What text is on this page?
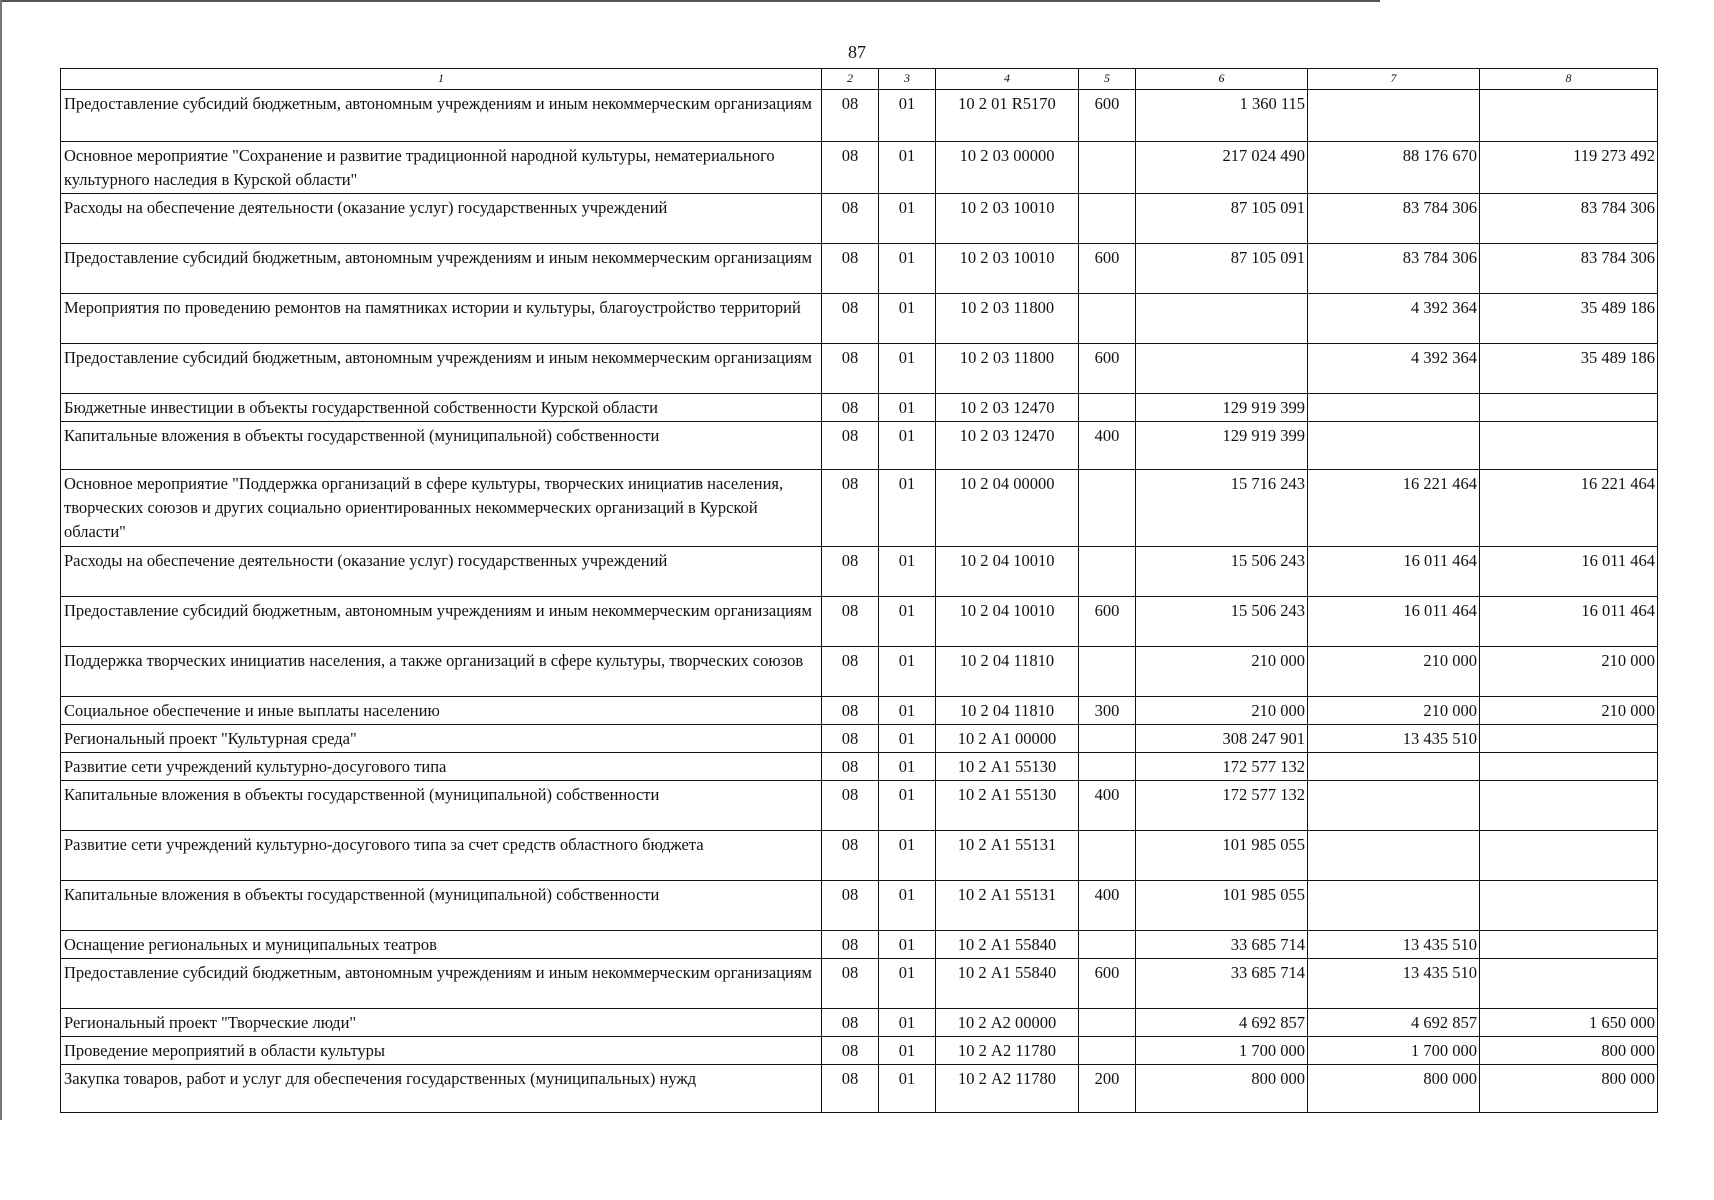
87
1	2	3	4	5	6	7	8
Предоставление субсидий бюджетным, автономным учреждениям и иным некоммерческим организациям	08	01	10 2 01 R5170	600	1 360 115		
Основное мероприятие "Сохранение и развитие традиционной народной культуры, нематериального культурного наследия в Курской области"	08	01	10 2 03 00000		217 024 490	88 176 670	119 273 492
Расходы на обеспечение деятельности (оказание услуг) государственных учреждений	08	01	10 2 03 10010		87 105 091	83 784 306	83 784 306
Предоставление субсидий бюджетным, автономным учреждениям и иным некоммерческим организациям	08	01	10 2 03 10010	600	87 105 091	83 784 306	83 784 306
Мероприятия по проведению ремонтов на памятниках истории и культуры, благоустройство территорий	08	01	10 2 03 11800			4 392 364	35 489 186
Предоставление субсидий бюджетным, автономным учреждениям и иным некоммерческим организациям	08	01	10 2 03 11800	600		4 392 364	35 489 186
Бюджетные инвестиции в объекты государственной собственности Курской области	08	01	10 2 03 12470		129 919 399		
Капитальные вложения в объекты государственной (муниципальной) собственности	08	01	10 2 03 12470	400	129 919 399		
Основное мероприятие "Поддержка организаций в сфере культуры, творческих инициатив населения, творческих союзов и других социально ориентированных некоммерческих организаций в Курской области"	08	01	10 2 04 00000		15 716 243	16 221 464	16 221 464
Расходы на обеспечение деятельности (оказание услуг) государственных учреждений	08	01	10 2 04 10010		15 506 243	16 011 464	16 011 464
Предоставление субсидий бюджетным, автономным учреждениям и иным некоммерческим организациям	08	01	10 2 04 10010	600	15 506 243	16 011 464	16 011 464
Поддержка творческих инициатив населения, а также организаций в сфере культуры, творческих союзов	08	01	10 2 04 11810		210 000	210 000	210 000
Социальное обеспечение и иные выплаты населению	08	01	10 2 04 11810	300	210 000	210 000	210 000
Региональный проект "Культурная среда"	08	01	10 2 А1 00000		308 247 901	13 435 510	
Развитие сети учреждений культурно-досугового типа	08	01	10 2 А1 55130		172 577 132		
Капитальные вложения в объекты государственной (муниципальной) собственности	08	01	10 2 А1 55130	400	172 577 132		
Развитие сети учреждений культурно-досугового типа за счет средств областного бюджета	08	01	10 2 А1 55131		101 985 055		
Капитальные вложения в объекты государственной (муниципальной) собственности	08	01	10 2 А1 55131	400	101 985 055		
Оснащение региональных и муниципальных театров	08	01	10 2 А1 55840		33 685 714	13 435 510	
Предоставление субсидий бюджетным, автономным учреждениям и иным некоммерческим организациям	08	01	10 2 А1 55840	600	33 685 714	13 435 510	
Региональный проект "Творческие люди"	08	01	10 2 А2 00000		4 692 857	4 692 857	1 650 000
Проведение мероприятий в области культуры	08	01	10 2 А2 11780		1 700 000	1 700 000	800 000
Закупка товаров, работ и услуг для обеспечения государственных (муниципальных) нужд	08	01	10 2 А2 11780	200	800 000	800 000	800 000
